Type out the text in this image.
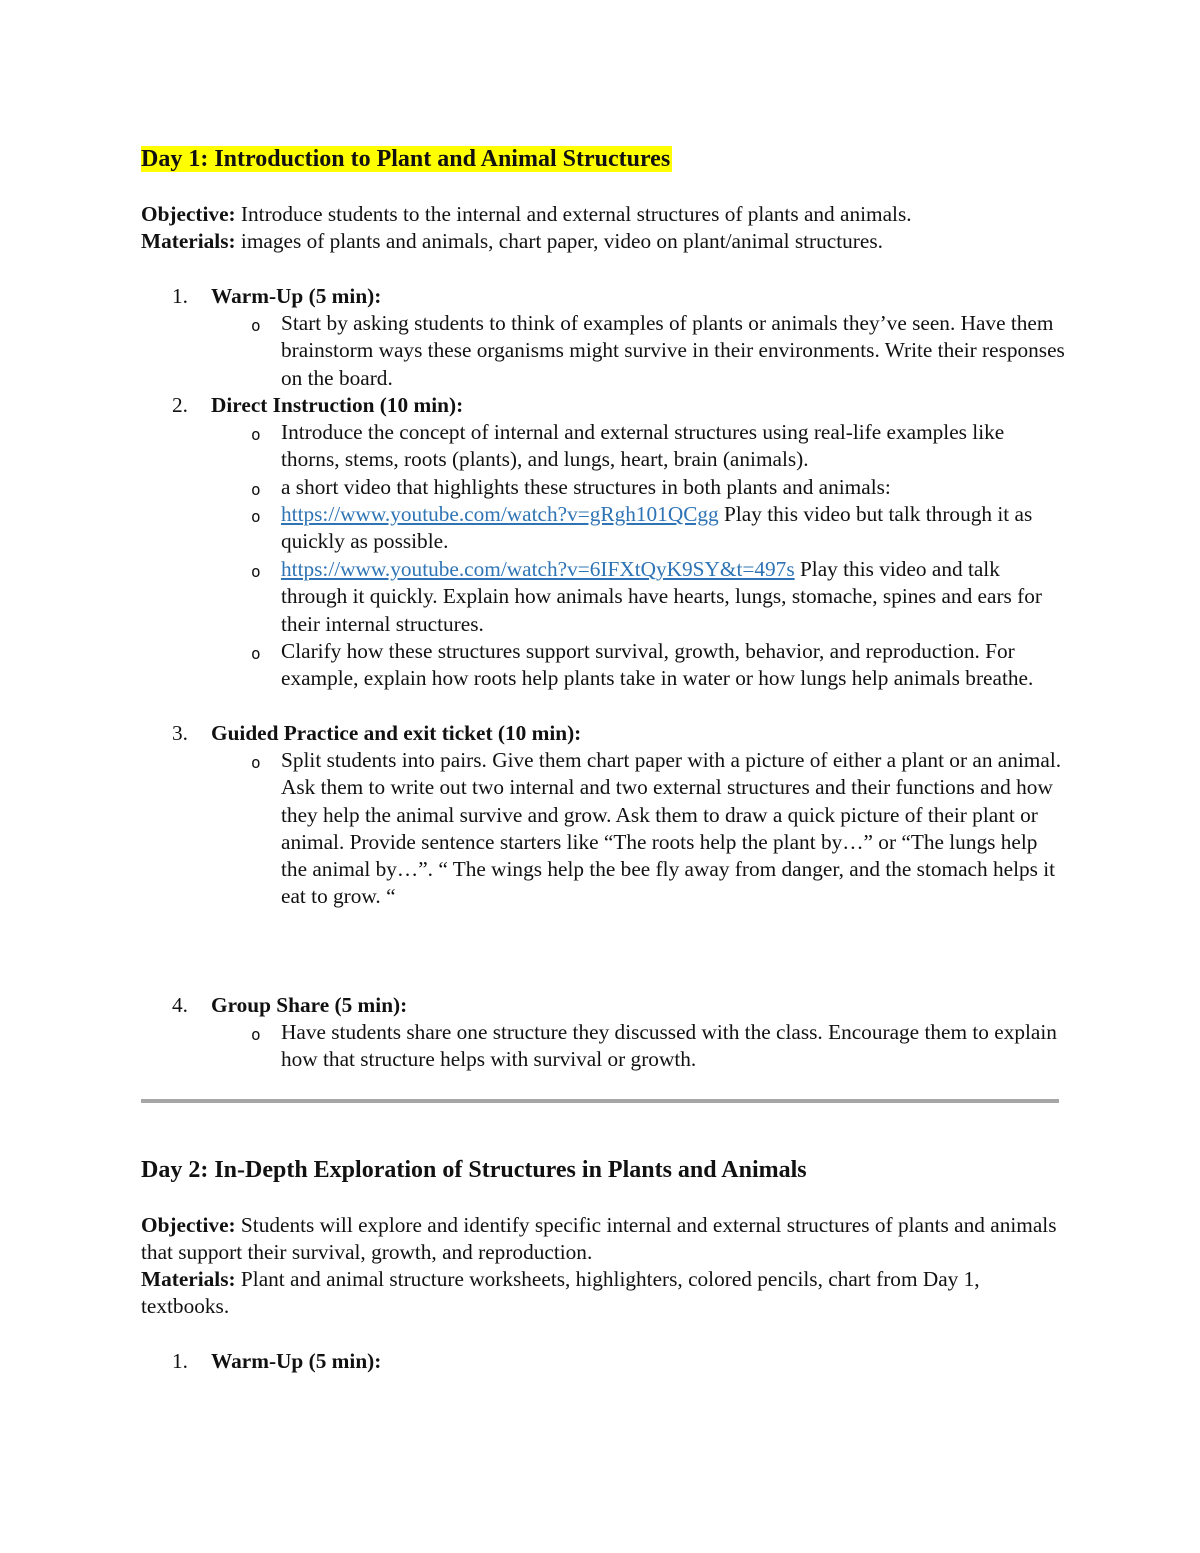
Day 1: Introduction to Plant and Animal Structures

Objective: Introduce students to the internal and external structures of plants and animals.

Materials: images of plants and animals, chart paper, video on plant/animal structures.

1.	Warm-Up (5 min):
o Start by asking students to think of examples of plants or animals they’ve seen. Have them brainstorm ways these organisms might survive in their environments. Write their responses on the board.

2.	Direct Instruction (10 min):
o Introduce the concept of internal and external structures using real-life examples like thorns, stems, roots (plants), and lungs, heart, brain (animals).

o a short video that highlights these structures in both plants and animals:

o https://www.youtube.com/watch?v=gRgh101QCgg Play this video but talk through it as quickly as possible.

o https://www.youtube.com/watch?v=6IFXtQyK9SY&t=497s Play this video and talk through it quickly. Explain how animals have hearts, lungs, stomache, spines and ears for their internal structures.

o Clarify how these structures support survival, growth, behavior, and reproduction. For example, explain how roots help plants take in water or how lungs help animals breathe.

3.	Guided Practice and exit ticket (10 min):
o Split students into pairs. Give them chart paper with a picture of either a plant or an animal. Ask them to write out two internal and two external structures and their functions and how they help the animal survive and grow. Ask them to draw a quick picture of their plant or animal. Provide sentence starters like “The roots help the plant by…” or “The lungs help the animal by…”. “ The wings help the bee fly away from danger, and the stomach helps it eat to grow. “

4.	Group Share (5 min):
o Have students share one structure they discussed with the class. Encourage them to explain how that structure helps with survival or growth.

Day 2: In-Depth Exploration of Structures in Plants and Animals

Objective: Students will explore and identify specific internal and external structures of plants and animals that support their survival, growth, and reproduction.

Materials: Plant and animal structure worksheets, highlighters, colored pencils, chart from Day 1, textbooks.

1.	Warm-Up (5 min):
